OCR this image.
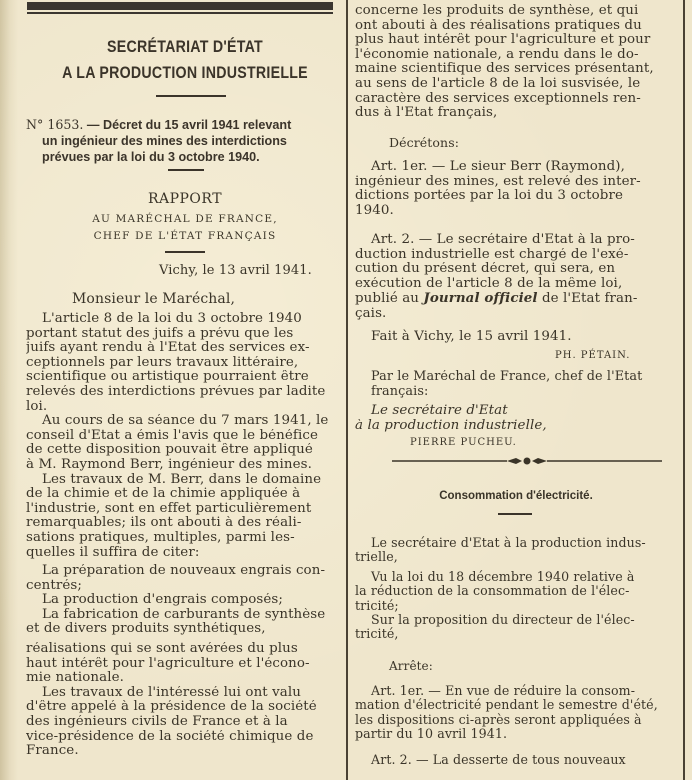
SECRÉTARIAT D'ÉTAT
A LA PRODUCTION INDUSTRIELLE
N° 1653. — Décret du 15 avril 1941 relevant
un ingénieur des mines des interdictions
prévues par la loi du 3 octobre 1940.
RAPPORT
AU MARÉCHAL DE FRANCE,
CHEF DE L'ÉTAT FRANÇAIS
Vichy, le 13 avril 1941.
Monsieur le Maréchal,
L'article 8 de la loi du 3 octobre 1940
portant statut des juifs a prévu que les
juifs ayant rendu à l'Etat des services ex-
ceptionnels par leurs travaux littéraire,
scientifique ou artistique pourraient être
relevés des interdictions prévues par ladite
loi.
Au cours de sa séance du 7 mars 1941, le
conseil d'Etat a émis l'avis que le bénéfice
de cette disposition pouvait être appliqué
à M. Raymond Berr, ingénieur des mines.
Les travaux de M. Berr, dans le domaine
de la chimie et de la chimie appliquée à
l'industrie, sont en effet particulièrement
remarquables; ils ont abouti à des réali-
sations pratiques, multiples, parmi les-
quelles il suffira de citer:
La préparation de nouveaux engrais con-
centrés;
La production d'engrais composés;
La fabrication de carburants de synthèse
et de divers produits synthétiques,
réalisations qui se sont avérées du plus
haut intérêt pour l'agriculture et l'écono-
mie nationale.
Les travaux de l'intéressé lui ont valu
d'être appelé à la présidence de la société
des ingénieurs civils de France et à la
vice-présidence de la société chimique de
France.
concerne les produits de synthèse, et qui
ont abouti à des réalisations pratiques du
plus haut intérêt pour l'agriculture et pour
l'économie nationale, a rendu dans le do-
maine scientifique des services présentant,
au sens de l'article 8 de la loi susvisée, le
caractère des services exceptionnels ren-
dus à l'Etat français,
Décrétons:
Art. 1er. — Le sieur Berr (Raymond),
ingénieur des mines, est relevé des inter-
dictions portées par la loi du 3 octobre
1940.
Art. 2. — Le secrétaire d'Etat à la pro-
duction industrielle est chargé de l'exé-
cution du présent décret, qui sera, en
exécution de l'article 8 de la même loi,
publié au Journal officiel de l'Etat fran-
çais.
Fait à Vichy, le 15 avril 1941.
PH. PÉTAIN.
Par le Maréchal de France, chef de l'Etat
français:
Le secrétaire d'Etat
à la production industrielle,
PIERRE PUCHEU.
Consommation d'électricité.
Le secrétaire d'Etat à la production indus-
trielle,
Vu la loi du 18 décembre 1940 relative à
la réduction de la consommation de l'élec-
tricité;
Sur la proposition du directeur de l'élec-
tricité,
Arrête:
Art. 1er. — En vue de réduire la consom-
mation d'électricité pendant le semestre d'été,
les dispositions ci-après seront appliquées à
partir du 10 avril 1941.
Art. 2. — La desserte de tous nouveaux
